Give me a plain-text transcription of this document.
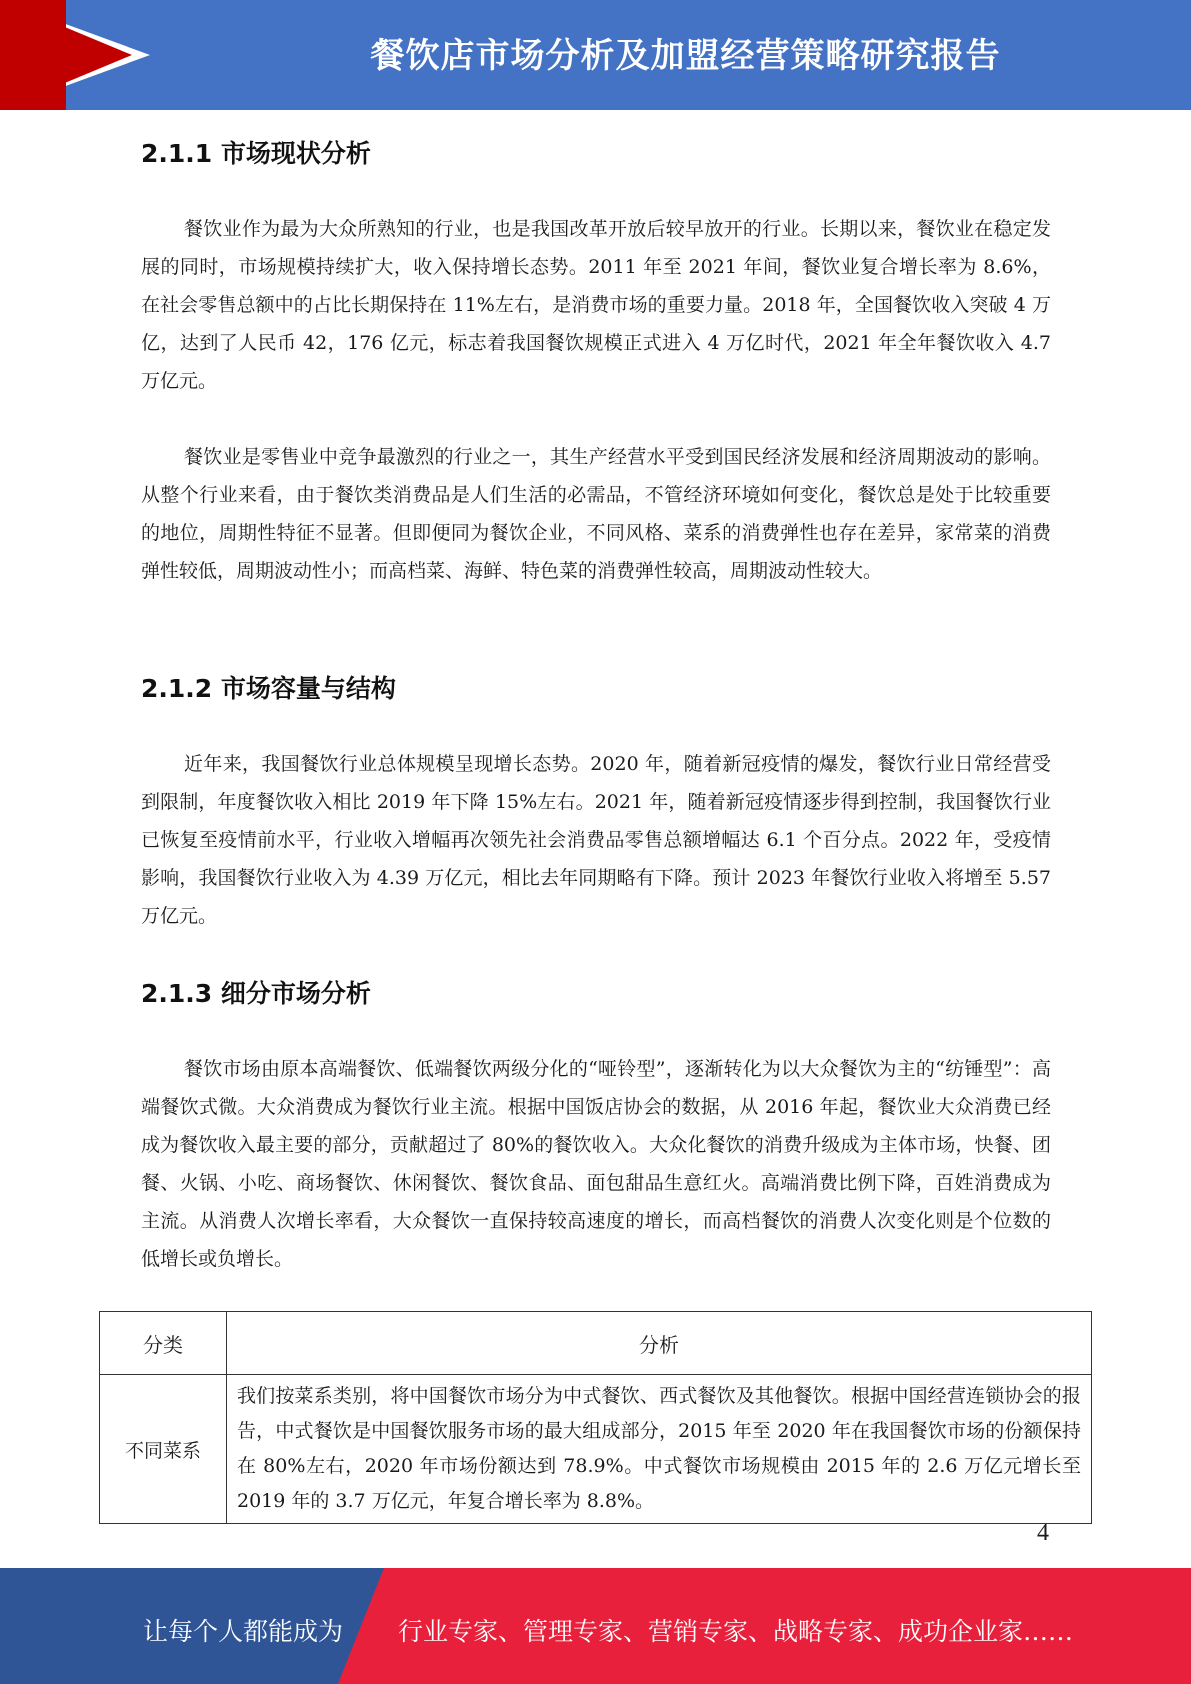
餐饮店市场分析及加盟经营策略研究报告
2.1.1 市场现状分析

餐饮业作为最为大众所熟知的行业，也是我国改革开放后较早放开的行业。长期以来，餐饮业在稳定发展的同时，市场规模持续扩大，收入保持增长态势。2011 年至 2021 年间，餐饮业复合增长率为 8.6%，在社会零售总额中的占比长期保持在 11%左右，是消费市场的重要力量。2018 年，全国餐饮收入突破 4 万亿，达到了人民币 42，176 亿元，标志着我国餐饮规模正式进入 4 万亿时代，2021 年全年餐饮收入 4.7 万亿元。

餐饮业是零售业中竞争最激烈的行业之一，其生产经营水平受到国民经济发展和经济周期波动的影响。从整个行业来看，由于餐饮类消费品是人们生活的必需品，不管经济环境如何变化，餐饮总是处于比较重要的地位，周期性特征不显著。但即便同为餐饮企业，不同风格、菜系的消费弹性也存在差异，家常菜的消费弹性较低，周期波动性小；而高档菜、海鲜、特色菜的消费弹性较高，周期波动性较大。

2.1.2 市场容量与结构

近年来，我国餐饮行业总体规模呈现增长态势。2020 年，随着新冠疫情的爆发，餐饮行业日常经营受到限制，年度餐饮收入相比 2019 年下降 15%左右。2021 年，随着新冠疫情逐步得到控制，我国餐饮行业已恢复至疫情前水平，行业收入增幅再次领先社会消费品零售总额增幅达 6.1 个百分点。2022 年，受疫情影响，我国餐饮行业收入为 4.39 万亿元，相比去年同期略有下降。预计 2023 年餐饮行业收入将增至 5.57 万亿元。

2.1.3 细分市场分析

餐饮市场由原本高端餐饮、低端餐饮两级分化的“哑铃型”，逐渐转化为以大众餐饮为主的“纺锤型”：高端餐饮式微。大众消费成为餐饮行业主流。根据中国饭店协会的数据，从 2016 年起，餐饮业大众消费已经成为餐饮收入最主要的部分，贡献超过了 80%的餐饮收入。大众化餐饮的消费升级成为主体市场，快餐、团餐、火锅、小吃、商场餐饮、休闲餐饮、餐饮食品、面包甜品生意红火。高端消费比例下降，百姓消费成为主流。从消费人次增长率看，大众餐饮一直保持较高速度的增长，而高档餐饮的消费人次变化则是个位数的低增长或负增长。

分类	分析
不同菜系	我们按菜系类别，将中国餐饮市场分为中式餐饮、西式餐饮及其他餐饮。根据中国经营连锁协会的报告，中式餐饮是中国餐饮服务市场的最大组成部分，2015 年至 2020 年在我国餐饮市场的份额保持在 80%左右，2020 年市场份额达到 78.9%。中式餐饮市场规模由 2015 年的 2.6 万亿元增长至 2019 年的 3.7 万亿元，年复合增长率为 8.8%。
4
让每个人都能成为 行业专家、管理专家、营销专家、战略专家、成功企业家……
